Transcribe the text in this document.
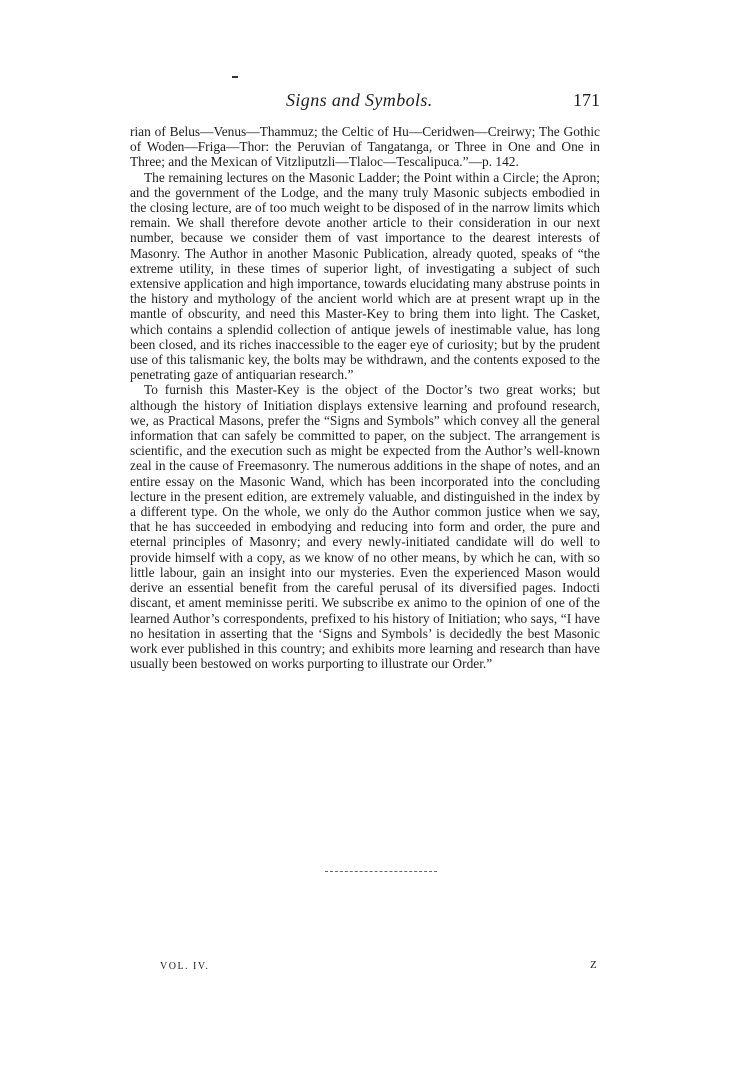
Signs and Symbols.	171

rian of Belus—Venus—Thammuz; the Celtic of Hu—Ceridwen—Creirwy; The Gothic of Woden—Friga—Thor: the Peruvian of Tangatanga, or Three in One and One in Three; and the Mexican of Vitzliputzli—Tlaloc—Tescalipuca.”—p. 142.

The remaining lectures on the Masonic Ladder; the Point within a Circle; the Apron; and the government of the Lodge, and the many truly Masonic subjects embodied in the closing lecture, are of too much weight to be disposed of in the narrow limits which remain. We shall therefore devote another article to their consideration in our next number, because we consider them of vast importance to the dearest interests of Masonry. The Author in another Masonic Publication, already quoted, speaks of “the extreme utility, in these times of superior light, of investigating a subject of such extensive application and high importance, towards elucidating many abstruse points in the history and mythology of the ancient world which are at present wrapt up in the mantle of obscurity, and need this Master-Key to bring them into light. The Casket, which contains a splendid collection of antique jewels of inestimable value, has long been closed, and its riches inaccessible to the eager eye of curiosity; but by the prudent use of this talismanic key, the bolts may be withdrawn, and the contents exposed to the penetrating gaze of antiquarian research.”

To furnish this Master-Key is the object of the Doctor’s two great works; but although the history of Initiation displays extensive learning and profound research, we, as Practical Masons, prefer the “Signs and Symbols” which convey all the general information that can safely be committed to paper, on the subject. The arrangement is scientific, and the execution such as might be expected from the Author’s well-known zeal in the cause of Freemasonry. The numerous additions in the shape of notes, and an entire essay on the Masonic Wand, which has been incorporated into the concluding lecture in the present edition, are extremely valuable, and distinguished in the index by a different type. On the whole, we only do the Author common justice when we say, that he has succeeded in embodying and reducing into form and order, the pure and eternal principles of Masonry; and every newly-initiated candidate will do well to provide himself with a copy, as we know of no other means, by which he can, with so little labour, gain an insight into our mysteries. Even the experienced Mason would derive an essential benefit from the careful perusal of its diversified pages. Indocti discant, et ament meminisse periti. We subscribe ex animo to the opinion of one of the learned Author’s correspondents, prefixed to his history of Initiation; who says, “I have no hesitation in asserting that the ‘Signs and Symbols’ is decidedly the best Masonic work ever published in this country; and exhibits more learning and research than have usually been bestowed on works purporting to illustrate our Order.”

VOL. IV.	Z
